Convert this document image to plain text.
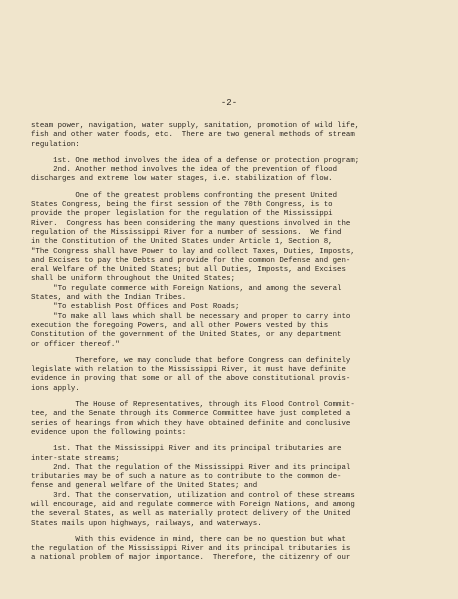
-2-
steam power, navigation, water supply, sanitation, promotion of wild life,
fish and other water foods, etc.  There are two general methods of stream
regulation:
1st. One method involves the idea of a defense or protection program;
2nd. Another method involves the idea of the prevention of flood
discharges and extreme low water stages, i.e. stabilization of flow.
One of the greatest problems confronting the present United
States Congress, being the first session of the 70th Congress, is to
provide the proper legislation for the regulation of the Mississippi
River.  Congress has been considering the many questions involved in the
regulation of the Mississippi River for a number of sessions.  We find
in the Constitution of the United States under Article 1, Section 8,
"The Congress shall have Power to lay and collect Taxes, Duties, Imposts,
and Excises to pay the Debts and provide for the common Defense and gen-
eral Welfare of the United States; but all Duties, Imposts, and Excises
shall be uniform throughout the United States;
"To regulate commerce with Foreign Nations, and among the several
States, and with the Indian Tribes.
"To establish Post Offices and Post Roads;
"To make all laws which shall be necessary and proper to carry into
execution the foregoing Powers, and all other Powers vested by this
Constitution of the government of the United States, or any department
or officer thereof."
Therefore, we may conclude that before Congress can definitely
legislate with relation to the Mississippi River, it must have definite
evidence in proving that some or all of the above constitutional provis-
ions apply.
The House of Representatives, through its Flood Control Commit-
tee, and the Senate through its Commerce Committee have just completed a
series of hearings from which they have obtained definite and conclusive
evidence upon the following points:
1st. That the Mississippi River and its principal tributaries are
inter-state streams;
2nd. That the regulation of the Mississippi River and its principal
tributaries may be of such a nature as to contribute to the common de-
fense and general welfare of the United States; and
3rd. That the conservation, utilization and control of these streams
will encourage, aid and regulate commerce with Foreign Nations, and among
the several States, as well as materially protect delivery of the United
States mails upon highways, railways, and waterways.
With this evidence in mind, there can be no question but what
the regulation of the Mississippi River and its principal tributaries is
a national problem of major importance.  Therefore, the citizenry of our
